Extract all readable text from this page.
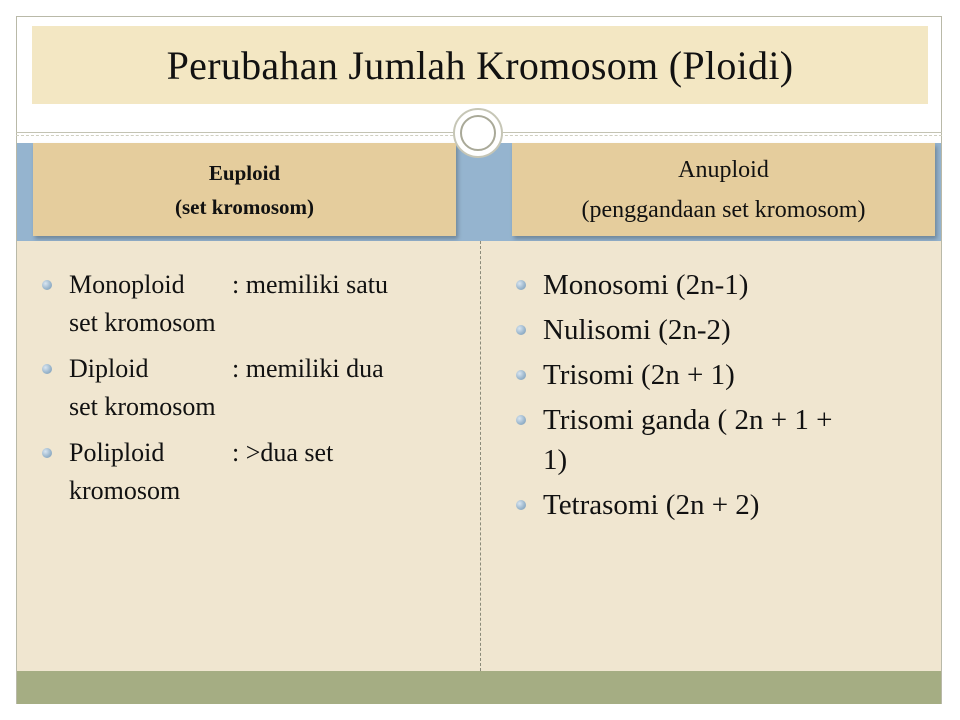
Perubahan Jumlah Kromosom (Ploidi)
Euploid
(set kromosom)
Anuploid
(penggandaan set kromosom)
Monoploid	: memiliki satu
set kromosom
Diploid	: memiliki dua
set kromosom
Poliploid	: >dua set
kromosom
Monosomi (2n-1)
Nulisomi (2n-2)
Trisomi (2n + 1)
Trisomi ganda ( 2n + 1 +
1)
Tetrasomi (2n + 2)
